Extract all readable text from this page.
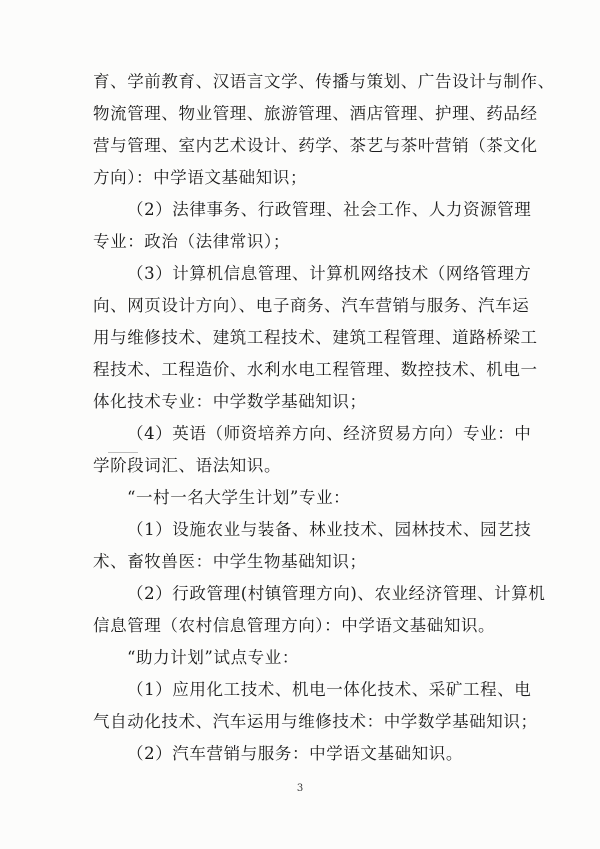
育、学前教育、汉语言文学、传播与策划、广告设计与制作、
物流管理、物业管理、旅游管理、酒店管理、护理、药品经
营与管理、室内艺术设计、药学、茶艺与茶叶营销（茶文化
方向）：中学语文基础知识；
（2）法律事务、行政管理、社会工作、人力资源管理
专业：政治（法律常识）；
（3）计算机信息管理、计算机网络技术（网络管理方
向、网页设计方向）、电子商务、汽车营销与服务、汽车运
用与维修技术、建筑工程技术、建筑工程管理、道路桥梁工
程技术、工程造价、水利水电工程管理、数控技术、机电一
体化技术专业：中学数学基础知识；
（4）英语（师资培养方向、经济贸易方向）专业：中
学阶段词汇、语法知识。
“一村一名大学生计划”专业：
（1）设施农业与装备、林业技术、园林技术、园艺技
术、畜牧兽医：中学生物基础知识；
（2）行政管理(村镇管理方向)、农业经济管理、计算机
信息管理（农村信息管理方向）：中学语文基础知识。
“助力计划”试点专业：
（1）应用化工技术、机电一体化技术、采矿工程、电
气自动化技术、汽车运用与维修技术：中学数学基础知识；
（2）汽车营销与服务：中学语文基础知识。
3
